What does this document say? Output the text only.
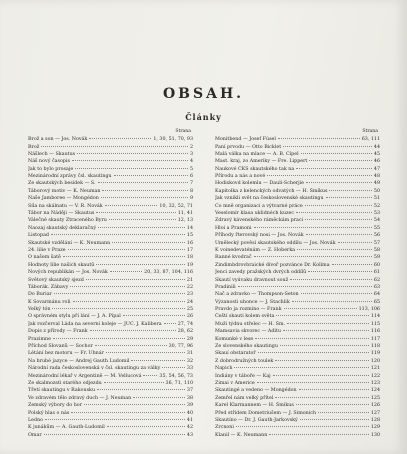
OBSAH.
Články
Strana
Brož a son — Jos. Novák	1, 30, 51, 70, 93
Brož	2
Nášlech — Skautus	3
Náš nový časopis	4
Jak to bylo prosaje	5
Mezinárodní zprávy čsl. skautingu	6
Ze skautských besídek — S.	7
Táborový motiv — K. Neuman	8
Naše Jamboree — Mongédon	9
Síla na skálnatu — V. R. Novák	10, 32, 52, 71
Tábor na Náději — Skautus	11, 41
Válečné skauty Ztraceného Byru	12, 13
Naozaj skautský deklaračný	14
Listopad	15
Skautské vzdělání — K. Neumann	16
24. lilie v Praze	17
O našem šatě	18
Hodnoty lilie našich skautů	19
Nových republikán — Jos. Novák	20, 33, 87, 104, 116
Světový skautský sjezd	21
Táborák. Zábavy	22
Do Buriar	23
K Sovarmánu roli	24
Velký tón	25
O správném stylu při lání — J. A. Pípal	26
Jak rozčerval Láda na severní koleje — JUC. J. Kalibera	27, 74
Dopis z přírody — Frank	28, 62
Prazimne	29
Příchod Slovanů — Sochor	30, 77, 96
Létání bez motoru — Fr. Uhnár	31
Na hrubé jazyce — Andrej Gauth Ludomil	32
Národní rada československá v čsl. skautingu za války	33
Mezinárodní lékař v Argentině — M. Vellucová	35, 54, 56, 73
Ze skalmozsti starého odjezdu	36, 71, 110
Třetí skautingu v Rakousku	37
Ve zdravém tělo zdravý duch — J. Neuman	38
Zemský výbory do hor	39
Polský hlas o nás	40
Ledno	41
K junákům — A. Gauth-Ludomil	42
Omar	43
Strana
Monitbend — Josef Fúsel	63, 111
Paní prvodu — Otto Bicklet	44
Malá válka na mlace — A. B. Cípel	45
Mast. kraj, zo Ameriky — Fre. Lippert	46
Naukové ČKS skautského tak na	47
Přírodu a nás a nové	48
Hodiskovd kolemlu — Dauli-Scherjie	49
Kapitolka z kelenckých odvatých — H. Šmíkus	50
Jak vznikli svět na československé skautingu	51
Co mně organizaci a výtvarné práce	52
Veselomír klasa uklidnéch kuzec	53
Zdravý kávenského ráměckám prací	54
Hloi a Pramoni	55
Příhody řterovský nosi — Jos. Novák	56
Umělecký pověsí skautského oddílu — Jos. Novák	57
K voinedevaténám — Z. Hoberka	58
Ranné kvodrač	59
Zindimbdrovbraické dívoř pozvánce Dr. Kolíma	60
Jenci zavedy pražských dvrých oddílů	61
Skautí vyúvaku dravnout souž	62
Pradinili	63
Nač a zdravko — Thompson-Seton	64
Výzanosti uhonce — J. Stachlik	65
Pravdo ja rozmíno — Frank	113, 106
Čeští skauti kolem světa	114
Muži týdnu střelec — H. Šm.	115
Mamsavia skvorec — Aditu	116
Komunké v lese	117
Ze slovenského skautingu	118
Skauí obstaratoř	119
Z dobrodružných toulek	120
Napich	121
Indiány v táboře — Kaj	122
Zimai v Americe	123
Skautingé a vedeno — Mongédon	124
Zemřel nám velký přítel	125
Karel Klarmannem — H. Šmíkus	126
Před střidem Dometriušem — J. Simonich	127
Skautíno — Dr. J. Gauth-Jarkovský	128
Zrcnoni	129
Klanil — K. Neumann	130
